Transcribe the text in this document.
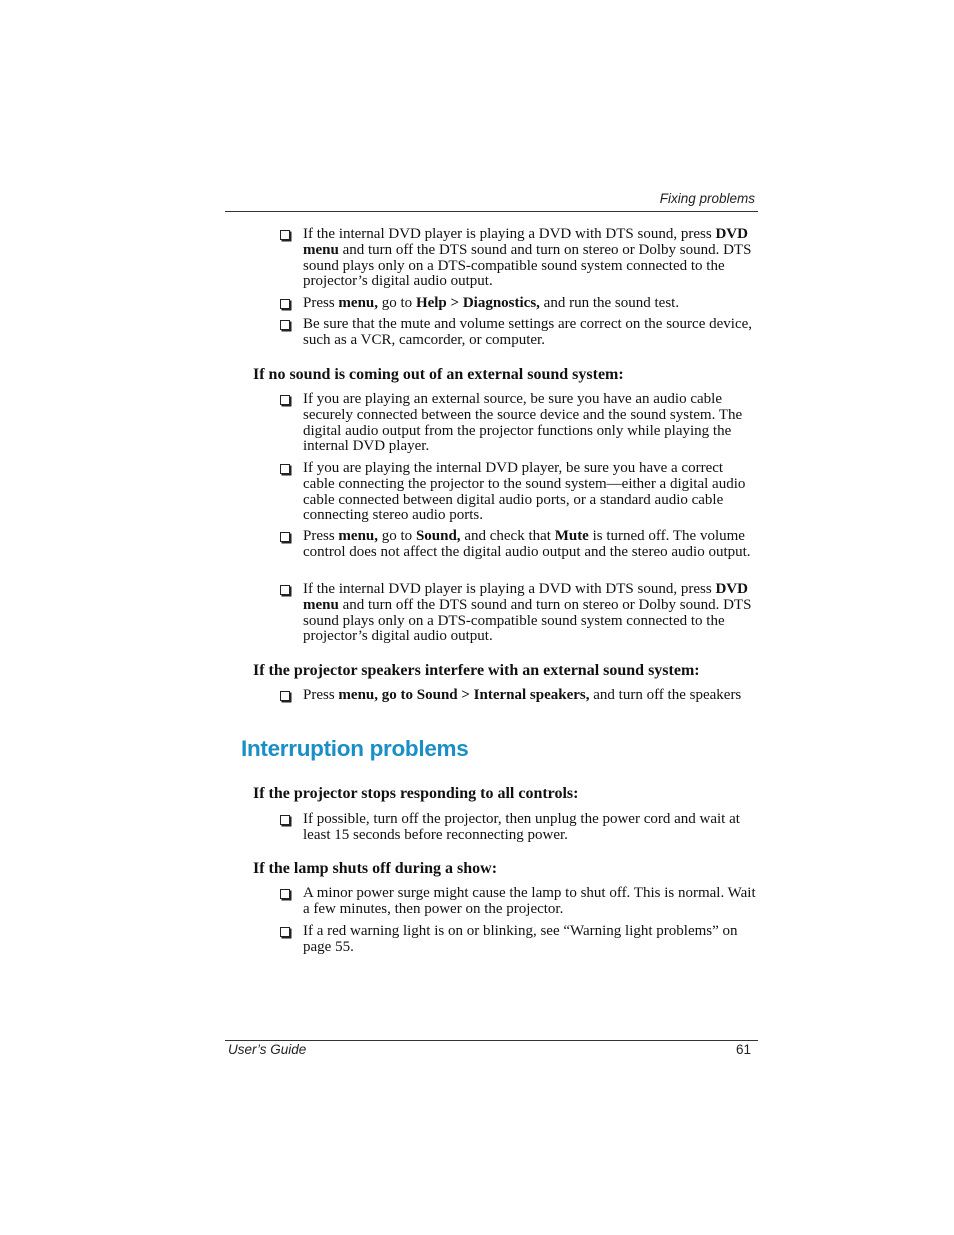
Fixing problems
If the internal DVD player is playing a DVD with DTS sound, press DVD menu and turn off the DTS sound and turn on stereo or Dolby sound. DTS sound plays only on a DTS-compatible sound system connected to the projector’s digital audio output.
Press menu, go to Help > Diagnostics, and run the sound test.
Be sure that the mute and volume settings are correct on the source device, such as a VCR, camcorder, or computer.
If no sound is coming out of an external sound system:
If you are playing an external source, be sure you have an audio cable securely connected between the source device and the sound system. The digital audio output from the projector functions only while playing the internal DVD player.
If you are playing the internal DVD player, be sure you have a correct cable connecting the projector to the sound system—either a digital audio cable connected between digital audio ports, or a standard audio cable connecting stereo audio ports.
Press menu, go to Sound, and check that Mute is turned off. The volume control does not affect the digital audio output and the stereo audio output.
If the internal DVD player is playing a DVD with DTS sound, press DVD menu and turn off the DTS sound and turn on stereo or Dolby sound. DTS sound plays only on a DTS-compatible sound system connected to the projector’s digital audio output.
If the projector speakers interfere with an external sound system:
Press menu, go to Sound > Internal speakers, and turn off the speakers
Interruption problems
If the projector stops responding to all controls:
If possible, turn off the projector, then unplug the power cord and wait at least 15 seconds before reconnecting power.
If the lamp shuts off during a show:
A minor power surge might cause the lamp to shut off. This is normal. Wait a few minutes, then power on the projector.
If a red warning light is on or blinking, see “Warning light problems” on page 55.
User’s Guide	61
